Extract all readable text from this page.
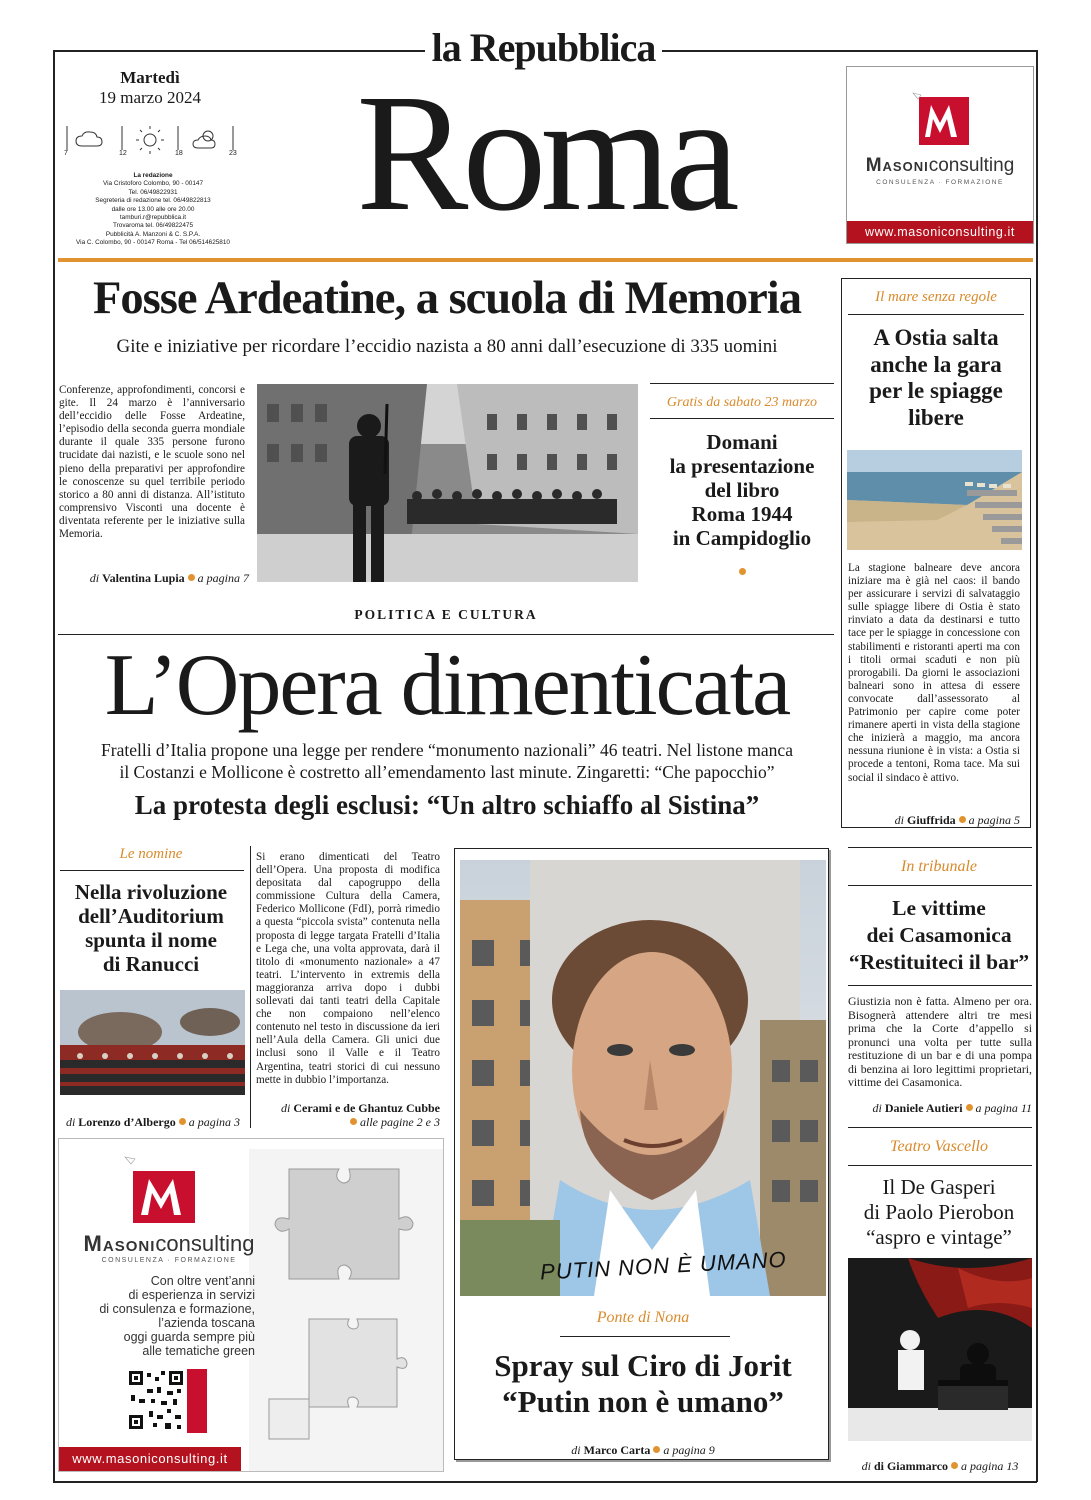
la Repubblica
Roma
Martedì
19 marzo 2024
7	12	18	23
La redazione
Via Cristoforo Colombo, 90 - 00147
Tel. 06/49822931
Segreteria di redazione tel. 06/49822813
dalle ore 13.00 alle ore 20.00
tamburi.r@repubblica.it
Trovaroma tel. 06/49822475
Pubblicità A. Manzoni & C. S.P.A.
Via C. Colombo, 90 - 00147 Roma - Tel 06/514625810
Masoniconsulting
CONSULENZA · FORMAZIONE
www.masoniconsulting.it
Fosse Ardeatine, a scuola di Memoria
Gite e iniziative per ricordare l’eccidio nazista a 80 anni dall’esecuzione di 335 uomini
Conferenze, approfondimenti, concorsi e gite. Il 24 marzo è l’anniversario dell’eccidio delle Fosse Ardeatine, l’episodio della seconda guerra mondiale durante il quale 335 persone furono trucidate dai nazisti, e le scuole sono nel pieno della preparativi per approfondire le conoscenze su quel terribile periodo storico a 80 anni di distanza. All’istituto comprensivo Visconti una docente è diventata referente per le iniziative sulla Memoria.
di Valentina Lupia a pagina 7
Gratis da sabato 23 marzo
Domani
la presentazione
del libro
Roma 1944
in Campidoglio
Il mare senza regole
A Ostia salta
anche la gara
per le spiagge
libere
La stagione balneare deve ancora iniziare ma è già nel caos: il bando per assicurare i servizi di salvataggio sulle spiagge libere di Ostia è stato rinviato a data da destinarsi e tutto tace per le spiagge in concessione con stabilimenti e ristoranti aperti ma con i titoli ormai scaduti e non più prorogabili. Da giorni le associazioni balneari sono in attesa di essere convocate dall’assessorato al Patrimonio per capire come poter rimanere aperti in vista della stagione che inizierà a maggio, ma ancora nessuna riunione è in vista: a Ostia si procede a tentoni, Roma tace. Ma sui social il sindaco è attivo.
di Giuffrida a pagina 5
POLITICA E CULTURA
L’Opera dimenticata
Fratelli d’Italia propone una legge per rendere “monumento nazionali” 46 teatri. Nel listone manca
il Costanzi e Mollicone è costretto all’emendamento last minute. Zingaretti: “Che papocchio”
La protesta degli esclusi: “Un altro schiaffo al Sistina”
Le nomine
Nella rivoluzione
dell’Auditorium
spunta il nome
di Ranucci
di Lorenzo d’Albergo a pagina 3
Si erano dimenticati del Teatro dell’Opera. Una proposta di modifica depositata dal capogruppo della commissione Cultura della Camera, Federico Mollicone (FdI), porrà rimedio a questa “piccola svista” contenuta nella proposta di legge targata Fratelli d’Italia e Lega che, una volta approvata, darà il titolo di «monumento nazionale» a 47 teatri. L’intervento in extremis della maggioranza arriva dopo i dubbi sollevati dai tanti teatri della Capitale che non compaiono nell’elenco contenuto nel testo in discussione da ieri nell’Aula della Camera. Gli unici due inclusi sono il Valle e il Teatro Argentina, teatri storici di cui nessuno mette in dubbio l’importanza.
di Cerami e de Ghantuz Cubbe
alle pagine 2 e 3
PUTIN NON È UMANO
Ponte di Nona
Spray sul Ciro di Jorit
“Putin non è umano”
di Marco Carta a pagina 9
In tribunale
Le vittime
dei Casamonica
“Restituiteci il bar”
Giustizia non è fatta. Almeno per ora. Bisognerà attendere altri tre mesi prima che la Corte d’appello si pronunci una volta per tutte sulla restituzione di un bar e di una pompa di benzina ai loro legittimi proprietari, vittime dei Casamonica.
di Daniele Autieri a pagina 11
Teatro Vascello
Il De Gasperi
di Paolo Pierobon
“aspro e vintage”
di di Giammarco a pagina 13
Masoniconsulting
CONSULENZA · FORMAZIONE
Con oltre vent’anni
di esperienza in servizi
di consulenza e formazione,
l’azienda toscana
oggi guarda sempre più
alle tematiche green
www.masoniconsulting.it
